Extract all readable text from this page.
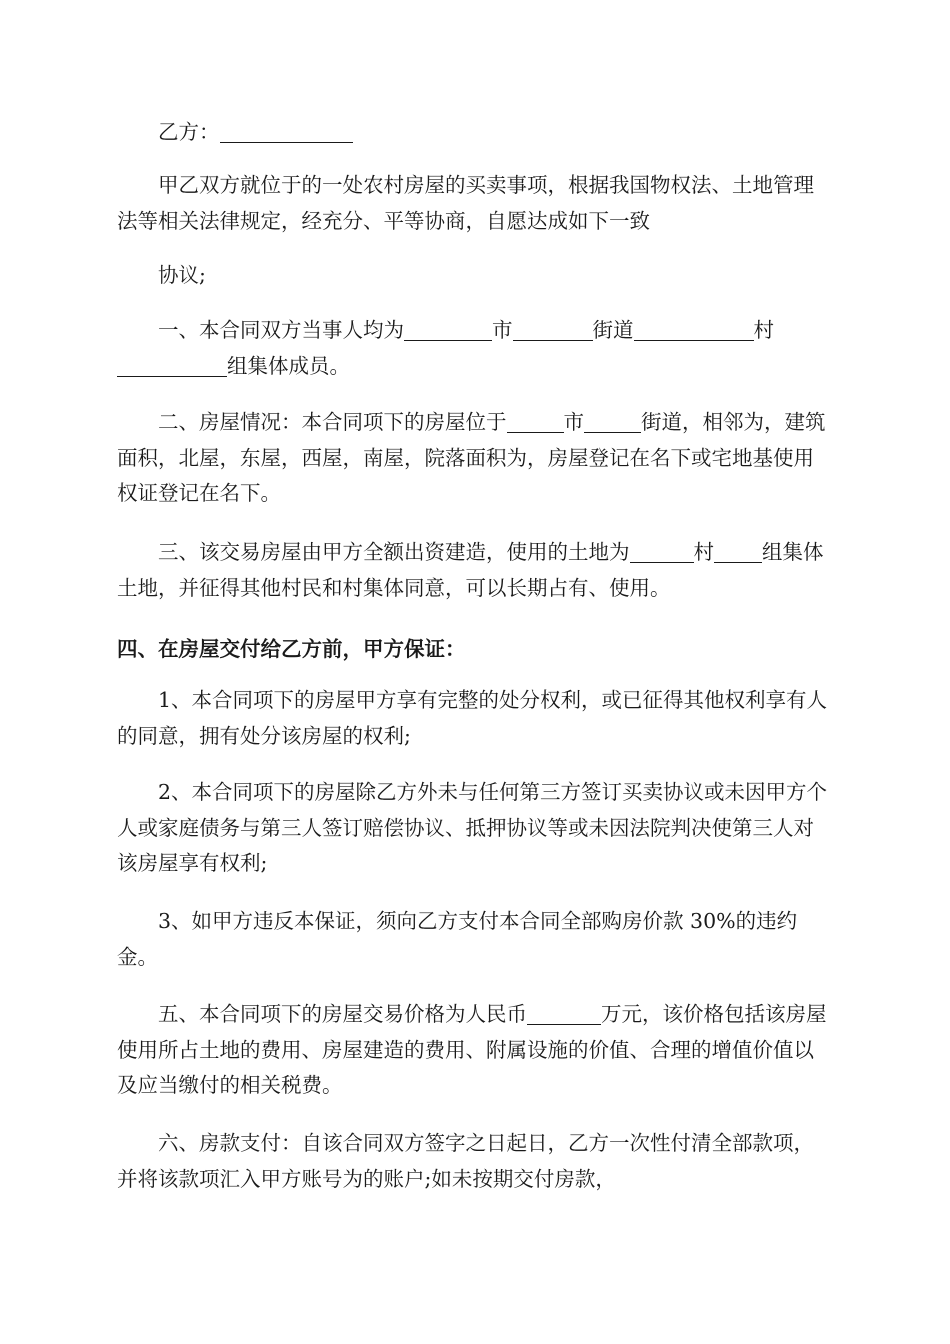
乙方：

甲乙双方就位于的一处农村房屋的买卖事项，根据我国物权法、土地管理法等相关法律规定，经充分、平等协商，自愿达成如下一致

协议;

一、本合同双方当事人均为	市	街道	村组集体成员。

二、房屋情况：本合同项下的房屋位于	市	街道，相邻为，建筑面积，北屋，东屋，西屋，南屋，院落面积为，房屋登记在名下或宅地基使用权证登记在名下。

三、该交易房屋由甲方全额出资建造，使用的土地为	村 组集体土地，并征得其他村民和村集体同意，可以长期占有、使用。

四、在房屋交付给乙方前，甲方保证：

1、本合同项下的房屋甲方享有完整的处分权利，或已征得其他权利享有人的同意，拥有处分该房屋的权利;

2、本合同项下的房屋除乙方外未与任何第三方签订买卖协议或未因甲方个人或家庭债务与第三人签订赔偿协议、抵押协议等或未因法院判决使第三人对该房屋享有权利;

3、如甲方违反本保证，须向乙方支付本合同全部购房价款 30%的违约金。

五、本合同项下的房屋交易价格为人民币	万元，该价格包括该房屋使用所占土地的费用、房屋建造的费用、附属设施的价值、合理的增值价值以及应当缴付的相关税费。

六、房款支付：自该合同双方签字之日起日，乙方一次性付清全部款项，并将该款项汇入甲方账号为的账户;如未按期交付房款，
